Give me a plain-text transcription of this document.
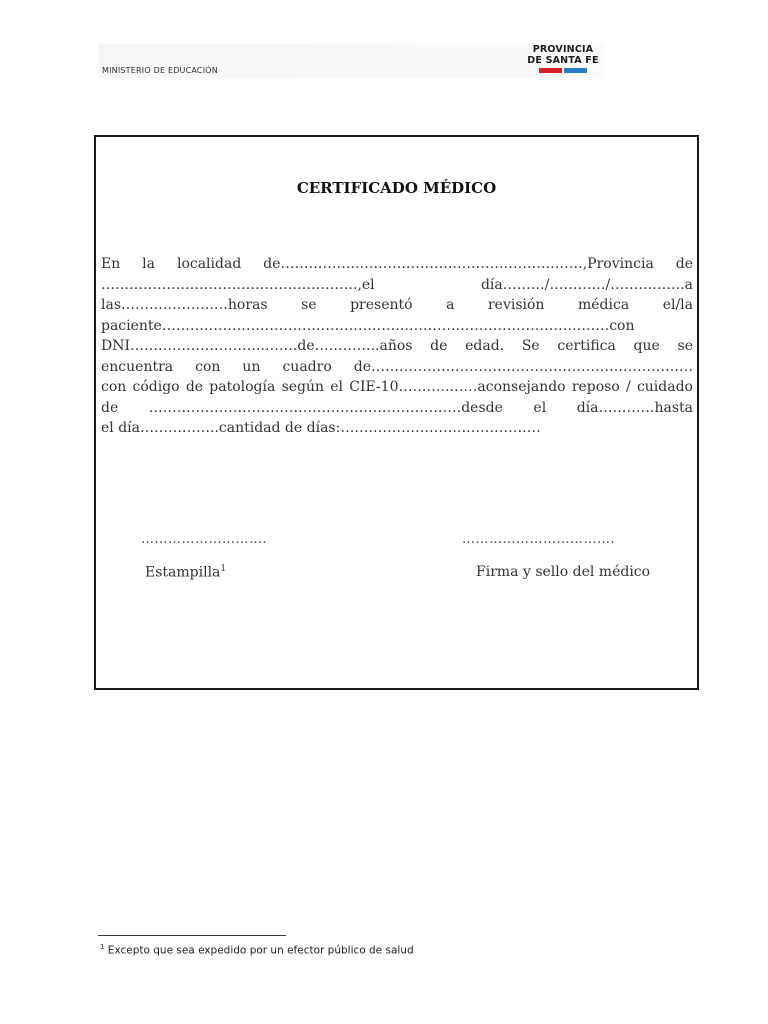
MINISTERIO DE EDUCACIÓN
PROVINCIA
DE SANTA FE
CERTIFICADO MÉDICO

En la localidad de…………….….…….……….………………….……,Provincia de

……………………………………………….,el día………/…………/…………….a

las…….………….…horas se presentó a revisión médica el/la

paciente…………………………………………….………….…………………….……con

DNI………………………..…….de…………..años de edad. Se certifica que se

encuentra con un cuadro de……………………………………………………………

con código de patología según el CIE-10………..……aconsejando reposo / cuidado

de …………………………………….……………………desde el día…………hasta

el día……………..cantidad de días:…………………….………………

……………………….	…………………………….
Estampilla$^1$	Firma y sello del médico
$^1$ Excepto que sea expedido por un efector público de salud
